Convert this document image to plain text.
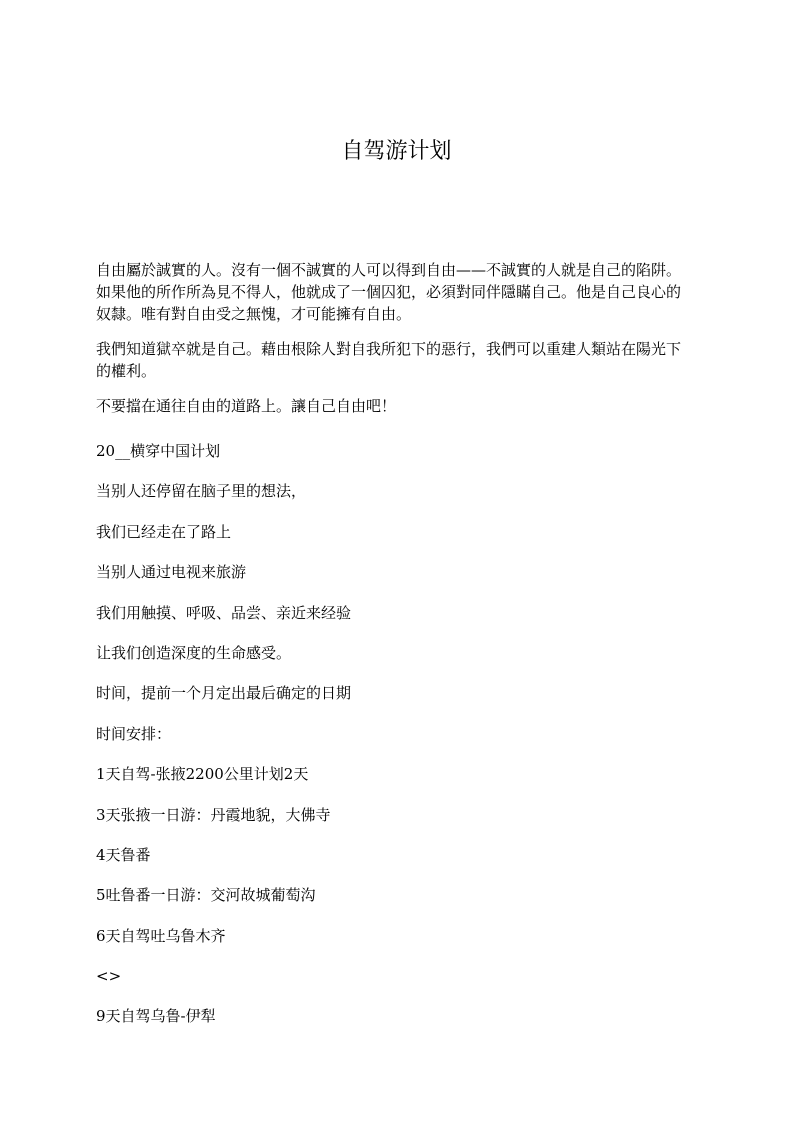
自驾游计划

自由屬於誠實的人。沒有一個不誠實的人可以得到自由——不誠實的人就是自己的陷阱。如果他的所作所為見不得人，他就成了一個囚犯，必須對同伴隱瞞自己。他是自己良心的奴隸。唯有對自由受之無愧，才可能擁有自由。

我們知道獄卒就是自己。藉由根除人對自我所犯下的惡行，我們可以重建人類站在陽光下的權利。

不要擋在通往自由的道路上。讓自己自由吧！

20__横穿中国计划

当别人还停留在脑子里的想法，

我们已经走在了路上

当别人通过电视来旅游

我们用触摸、呼吸、品尝、亲近来经验

让我们创造深度的生命感受。

时间，提前一个月定出最后确定的日期

时间安排：

1天自驾-张掖2200公里计划2天

3天张掖一日游：丹霞地貌，大佛寺

4天鲁番

5吐鲁番一日游：交河故城葡萄沟

6天自驾吐乌鲁木齐

<>

9天自驾乌鲁-伊犁
